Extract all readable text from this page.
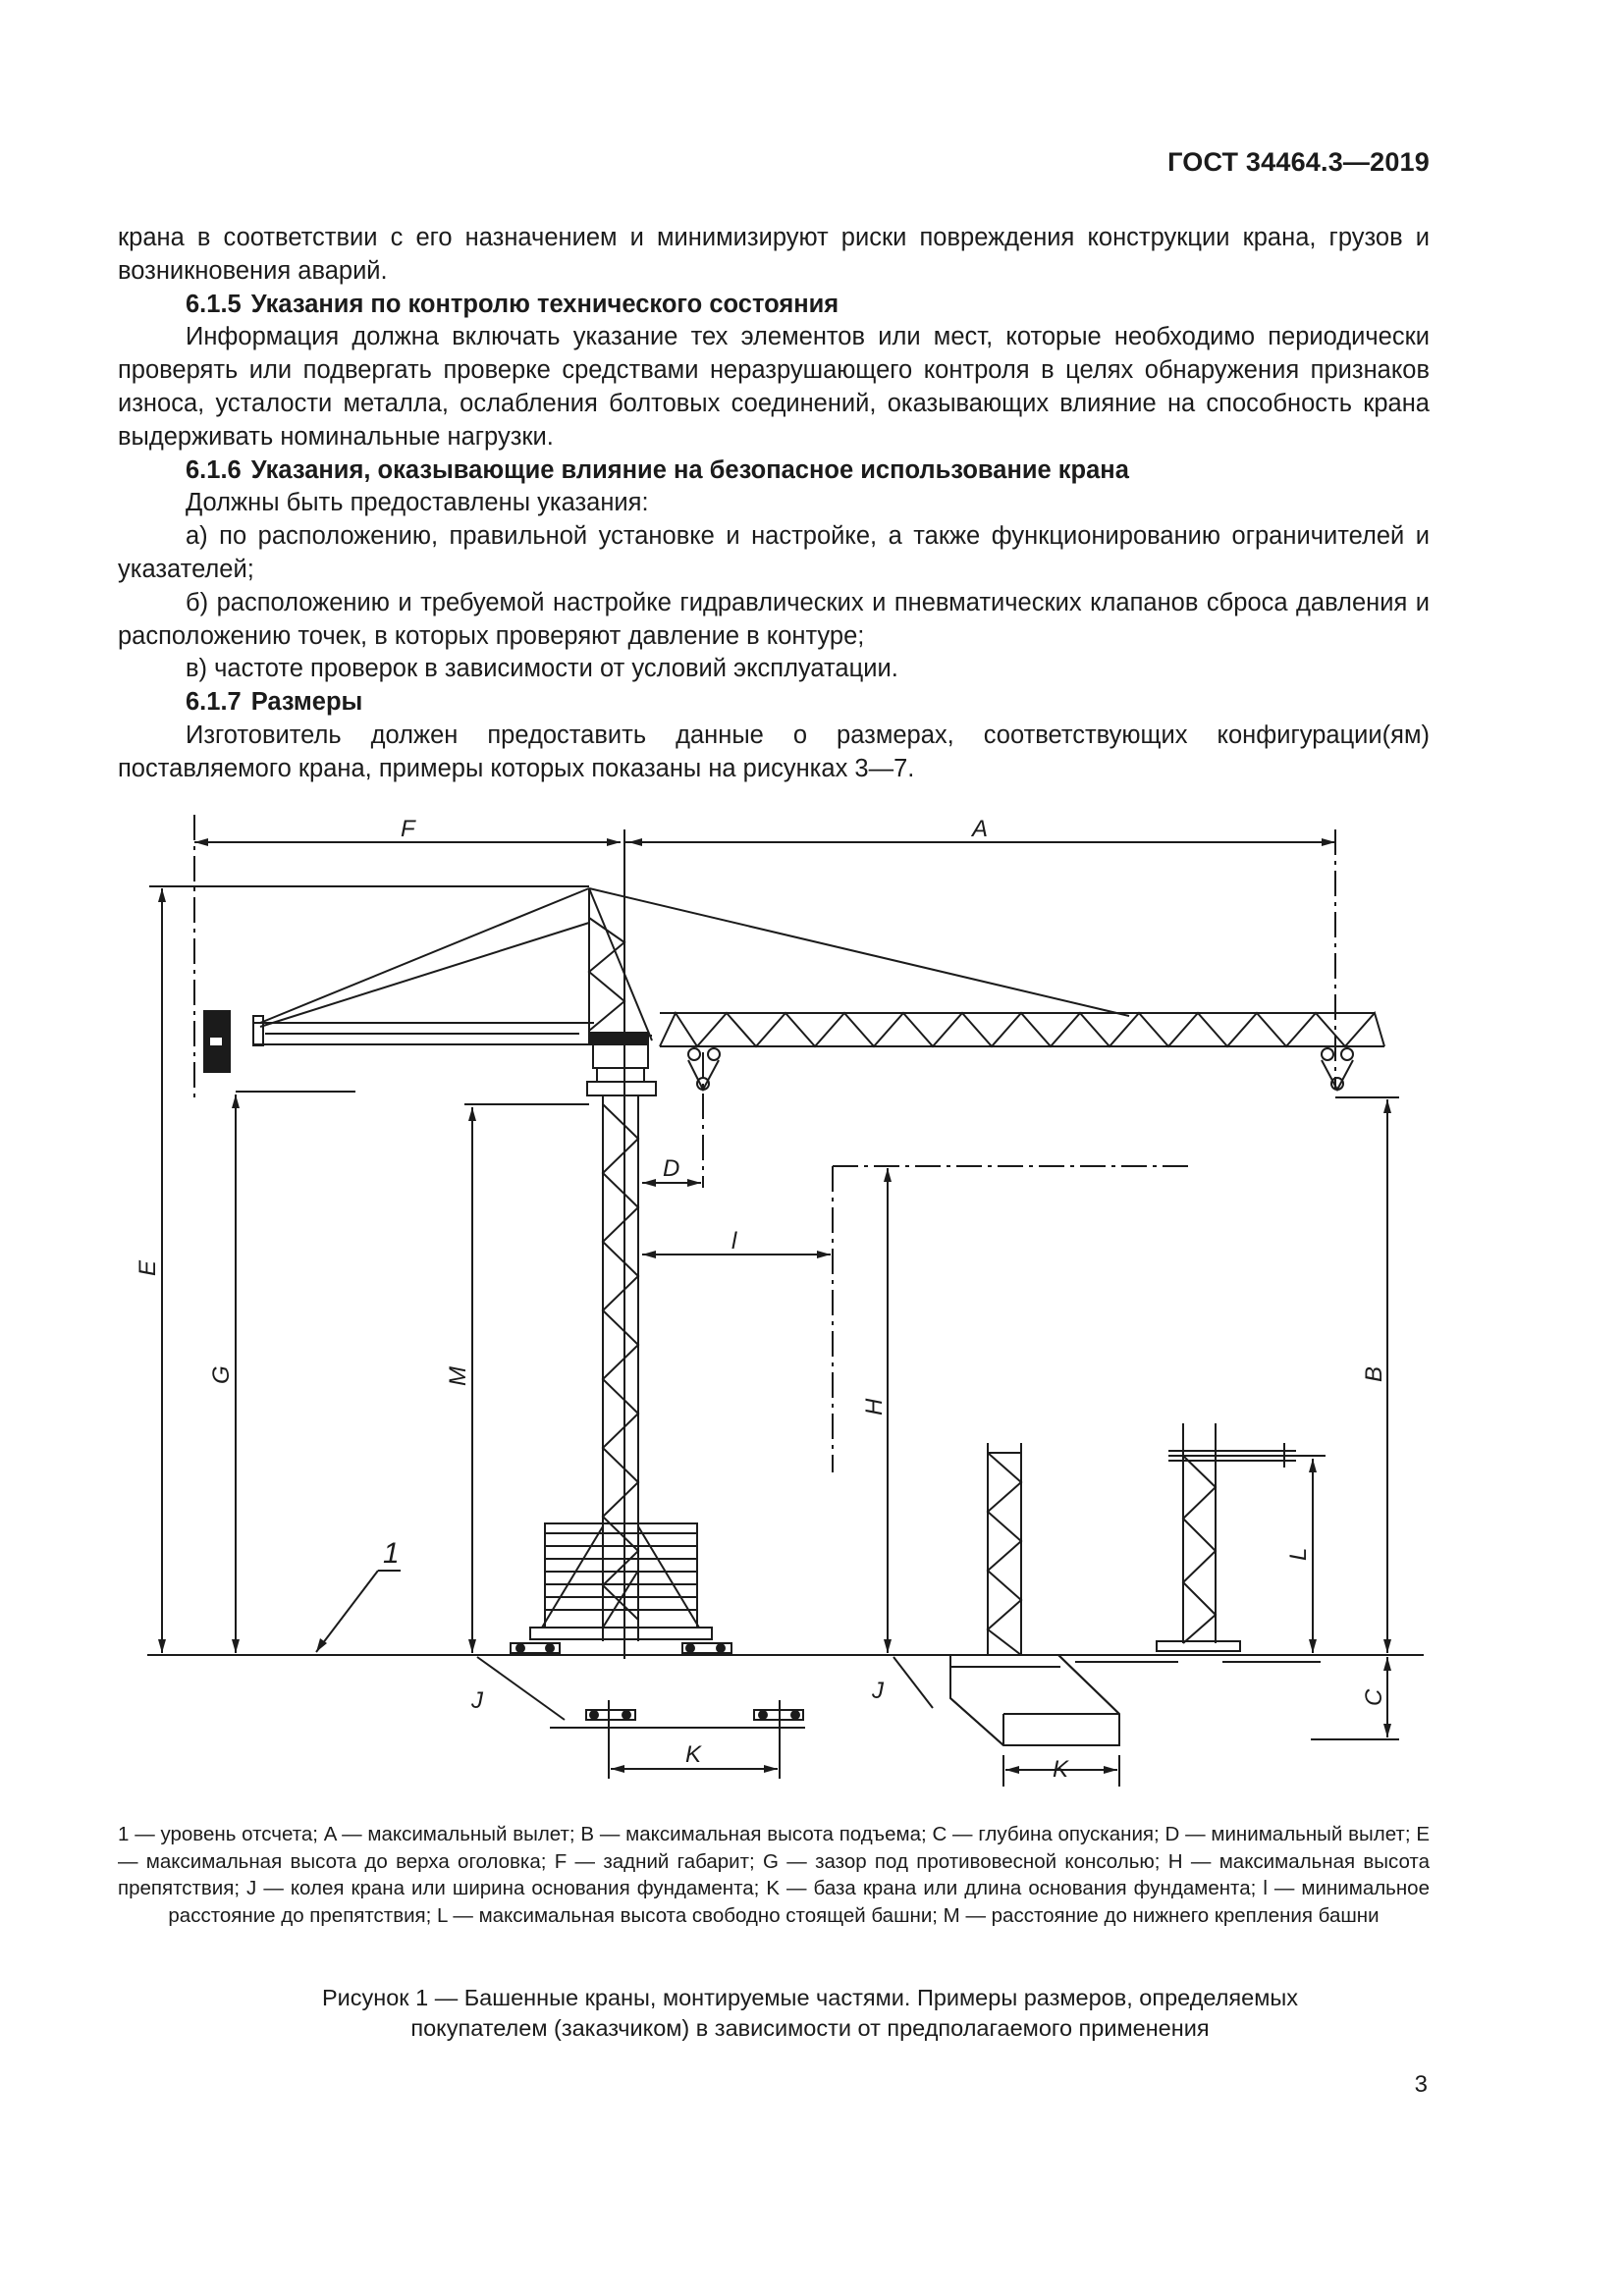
ГОСТ 34464.3—2019

крана в соответствии с его назначением и минимизируют риски повреждения конструкции крана, грузов и возникновения аварий.

6.1.5 Указания по контролю технического состояния

Информация должна включать указание тех элементов или мест, которые необходимо периодически проверять или подвергать проверке средствами неразрушающего контроля в целях обнаружения признаков износа, усталости металла, ослабления болтовых соединений, оказывающих влияние на способность крана выдерживать номинальные нагрузки.

6.1.6 Указания, оказывающие влияние на безопасное использование крана

Должны быть предоставлены указания:

а) по расположению, правильной установке и настройке, а также функционированию ограничителей и указателей;

б) расположению и требуемой настройке гидравлических и пневматических клапанов сброса давления и расположению точек, в которых проверяют давление в контуре;

в) частоте проверок в зависимости от условий эксплуатации.

6.1.7 Размеры

Изготовитель должен предоставить данные о размерах, соответствующих конфигурации(ям) поставляемого крана, примеры которых показаны на рисунках 3—7.

F	A
E
G	M
D
l
H
B
L
C
J	J
K
K
1
1 — уровень отсчета; A — максимальный вылет; B — максимальная высота подъема; C — глубина опускания; D — минимальный вылет; E — максимальная высота до верха оголовка; F — задний габарит; G — зазор под противовесной консолью; H — максимальная высота препятствия; J — колея крана или ширина основания фундамента; K — база крана или длина основания фундамента; l — минимальное расстояние до препятствия; L — максимальная высота свободно стоящей башни; M — расстояние до нижнего крепления башни
Рисунок 1 — Башенные краны, монтируемые частями. Примеры размеров, определяемых покупателем (заказчиком) в зависимости от предполагаемого применения
3
